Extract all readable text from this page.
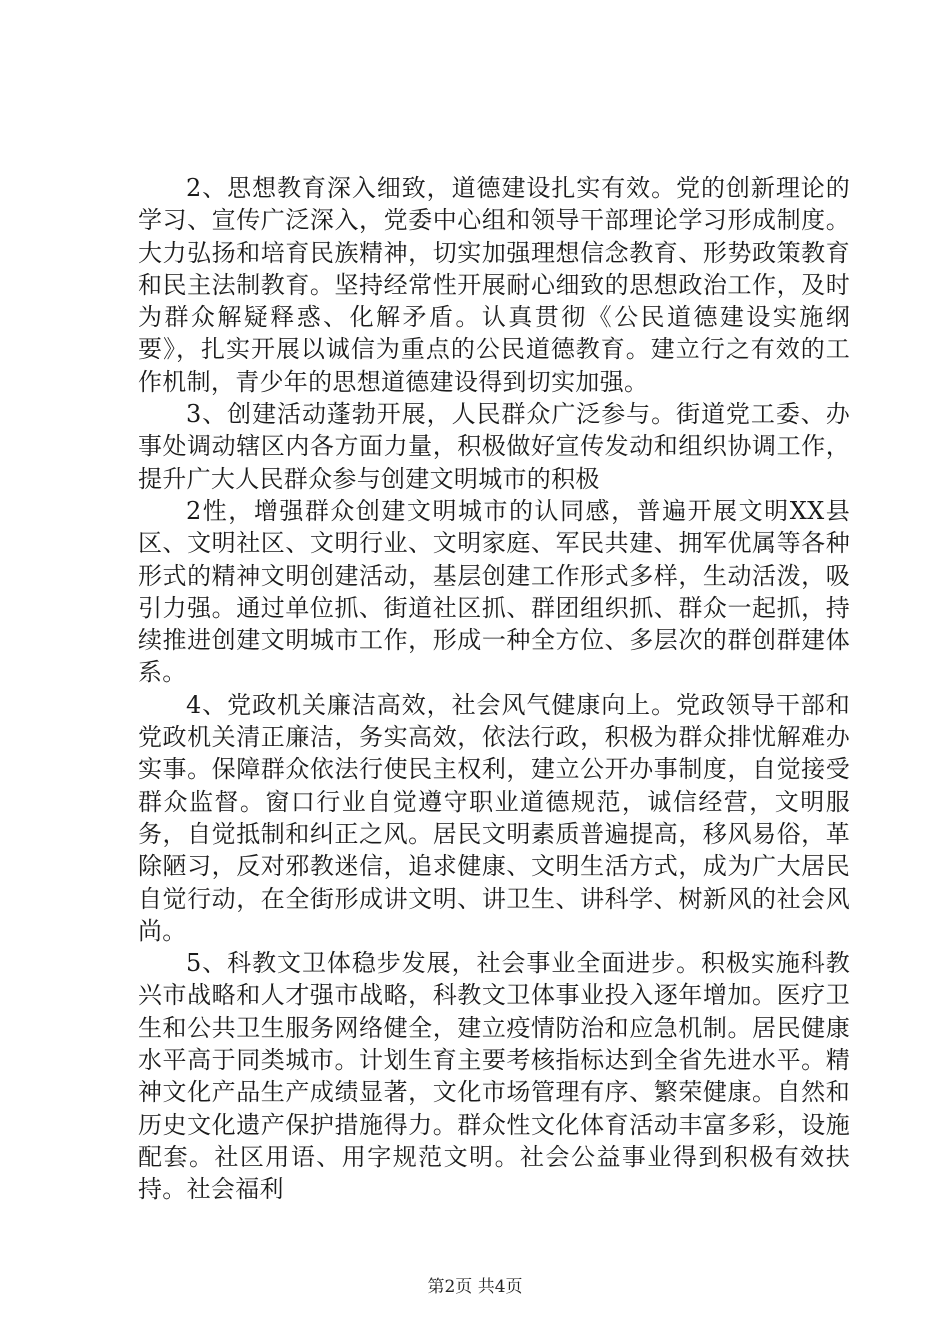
2、思想教育深入细致，道德建设扎实有效。党的创新理论的学习、宣传广泛深入，党委中心组和领导干部理论学习形成制度。大力弘扬和培育民族精神，切实加强理想信念教育、形势政策教育和民主法制教育。坚持经常性开展耐心细致的思想政治工作，及时为群众解疑释惑、化解矛盾。认真贯彻《公民道德建设实施纲要》，扎实开展以诚信为重点的公民道德教育。建立行之有效的工作机制，青少年的思想道德建设得到切实加强。

3、创建活动蓬勃开展，人民群众广泛参与。街道党工委、办事处调动辖区内各方面力量，积极做好宣传发动和组织协调工作，提升广大人民群众参与创建文明城市的积极

2性，增强群众创建文明城市的认同感，普遍开展文明XX县区、文明社区、文明行业、文明家庭、军民共建、拥军优属等各种形式的精神文明创建活动，基层创建工作形式多样，生动活泼，吸引力强。通过单位抓、街道社区抓、群团组织抓、群众一起抓，持续推进创建文明城市工作，形成一种全方位、多层次的群创群建体系。

4、党政机关廉洁高效，社会风气健康向上。党政领导干部和党政机关清正廉洁，务实高效，依法行政，积极为群众排忧解难办实事。保障群众依法行使民主权利，建立公开办事制度，自觉接受群众监督。窗口行业自觉遵守职业道德规范，诚信经营，文明服务，自觉抵制和纠正之风。居民文明素质普遍提高，移风易俗，革除陋习，反对邪教迷信，追求健康、文明生活方式，成为广大居民自觉行动，在全街形成讲文明、讲卫生、讲科学、树新风的社会风尚。

5、科教文卫体稳步发展，社会事业全面进步。积极实施科教兴市战略和人才强市战略，科教文卫体事业投入逐年增加。医疗卫生和公共卫生服务网络健全，建立疫情防治和应急机制。居民健康水平高于同类城市。计划生育主要考核指标达到全省先进水平。精神文化产品生产成绩显著，文化市场管理有序、繁荣健康。自然和历史文化遗产保护措施得力。群众性文化体育活动丰富多彩，设施配套。社区用语、用字规范文明。社会公益事业得到积极有效扶持。社会福利

第2页 共4页
